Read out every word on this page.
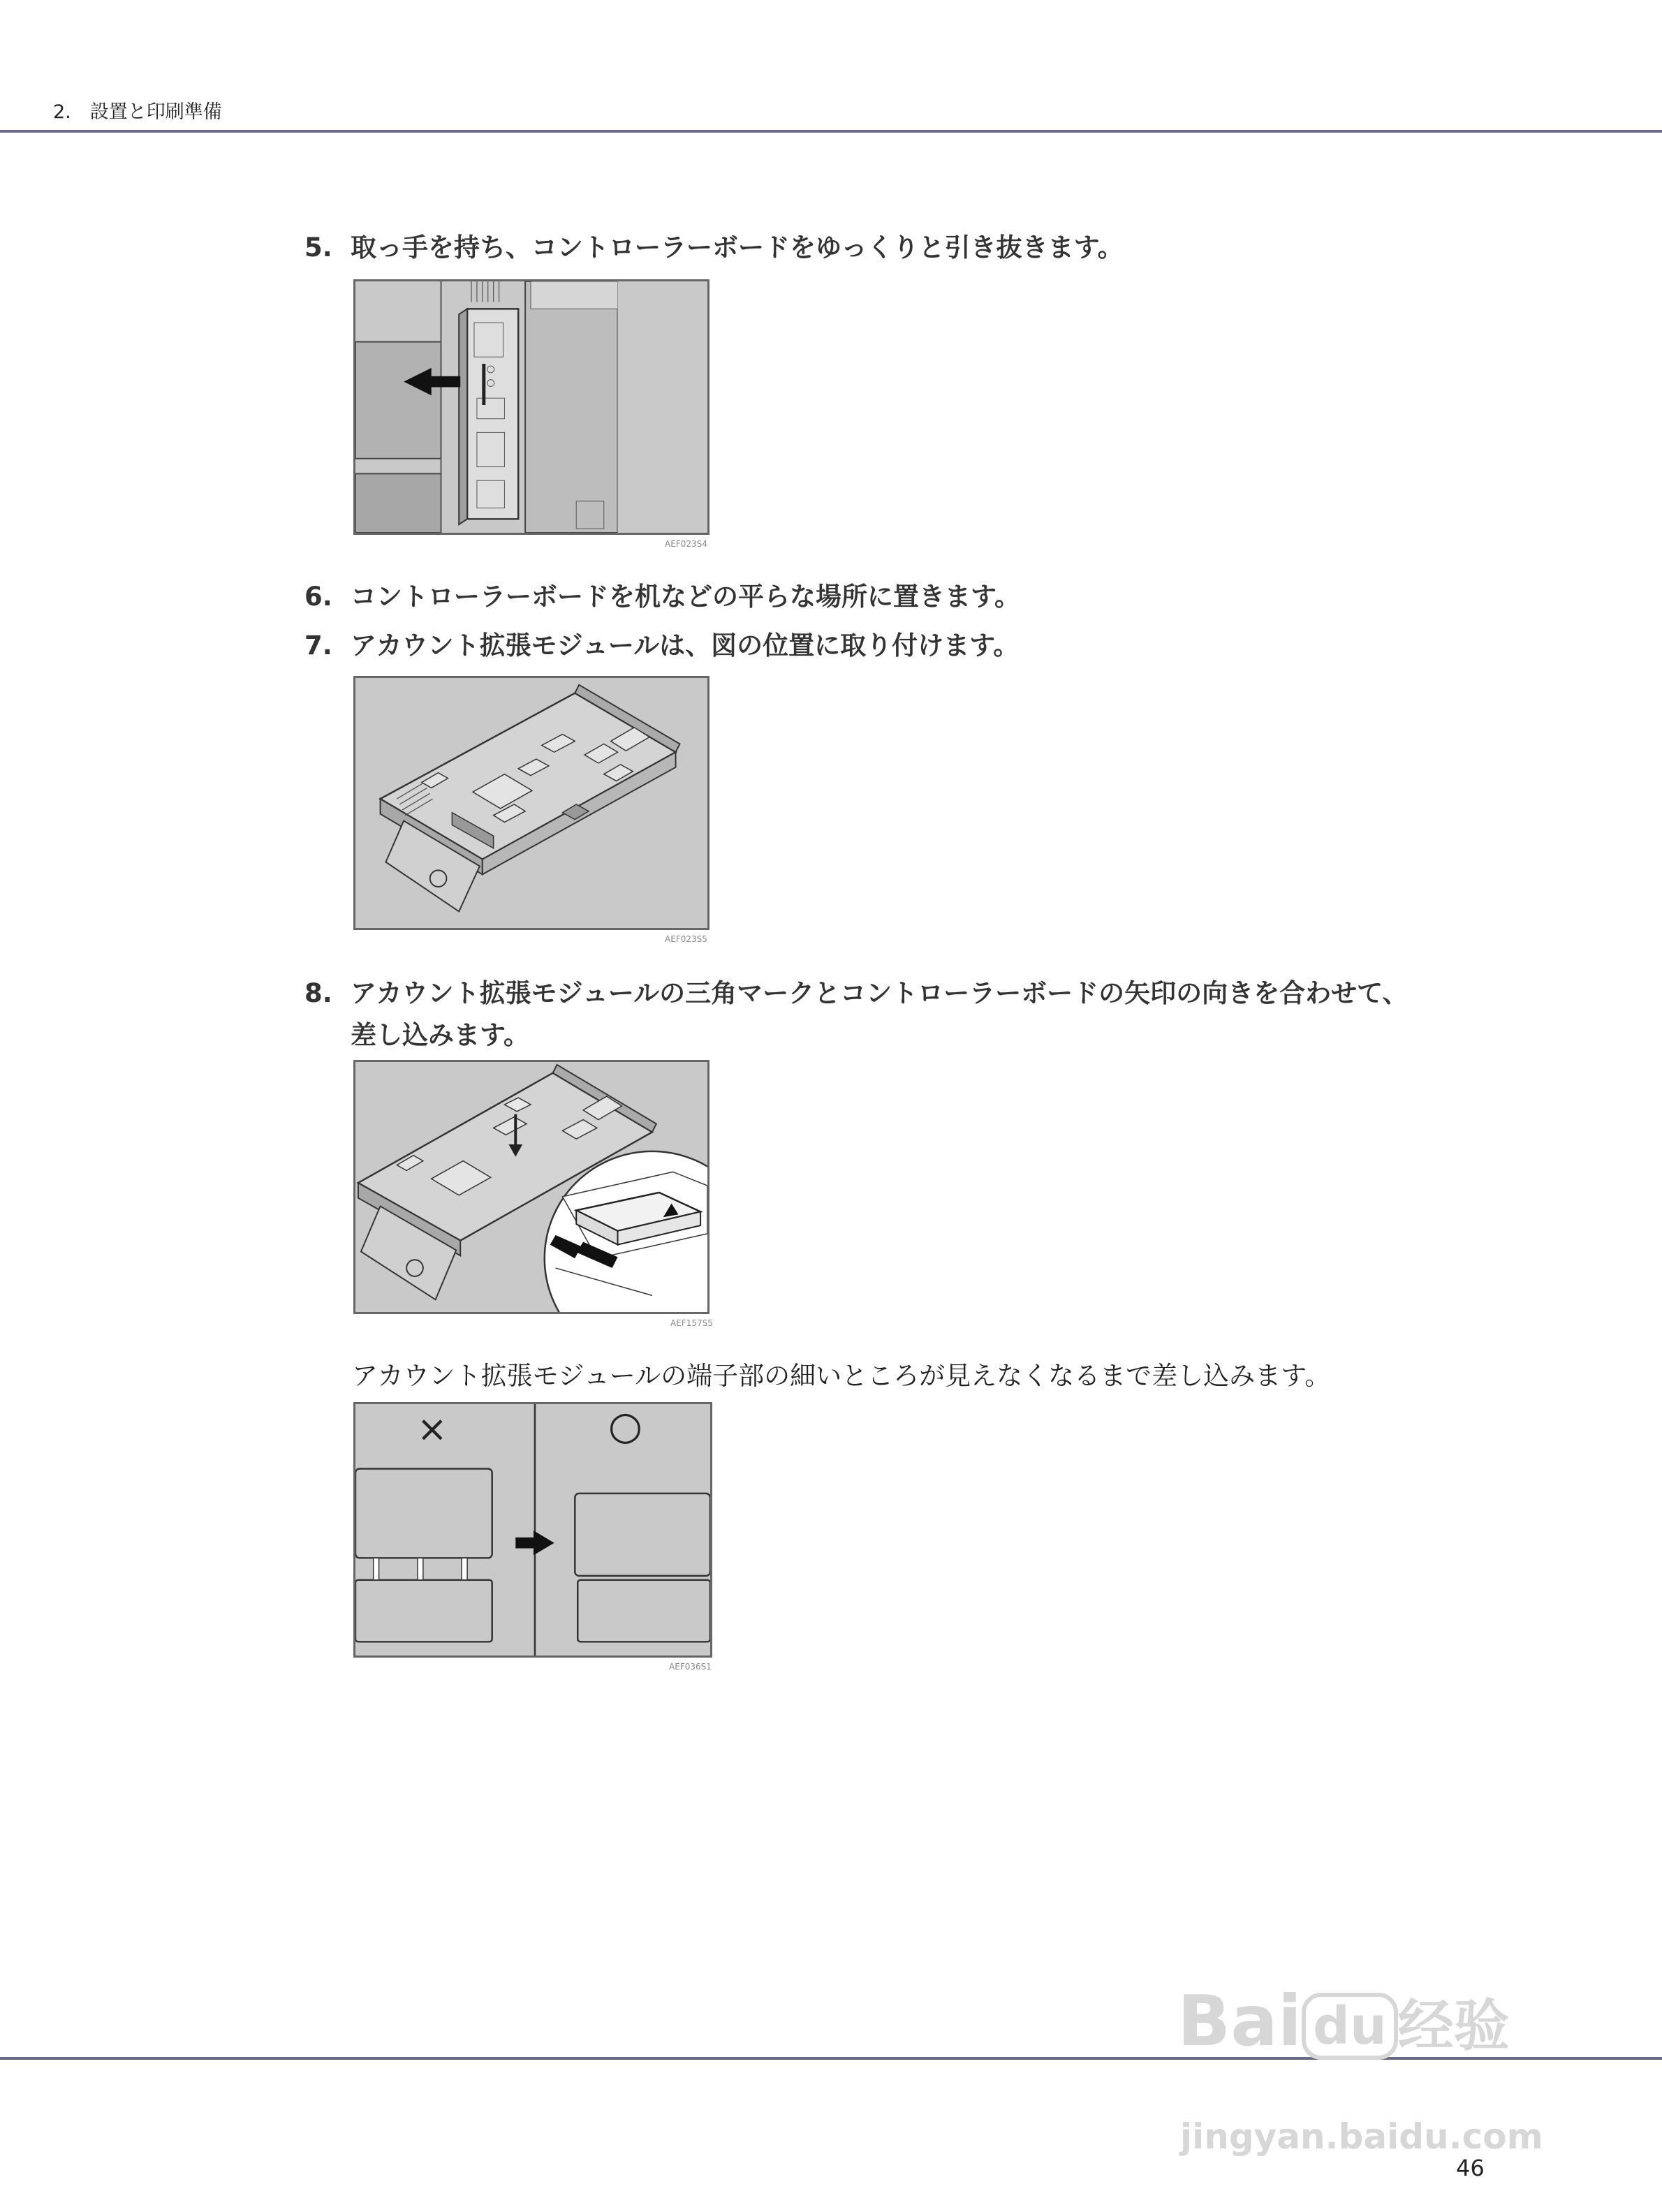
2.　設置と印刷準備
5. 取っ手を持ち、コントローラーボードをゆっくりと引き抜きます。
AEF023S4
6. コントローラーボードを机などの平らな場所に置きます。
7. アカウント拡張モジュールは、図の位置に取り付けます。
AEF023S5
8. アカウント拡張モジュールの三角マークとコントローラーボードの矢印の向きを合わせて、
差し込みます。
AEF157S5
アカウント拡張モジュールの端子部の細いところが見えなくなるまで差し込みます。
×	○
AEF036S1
46
Bai du 经验
jingyan.baidu.com
